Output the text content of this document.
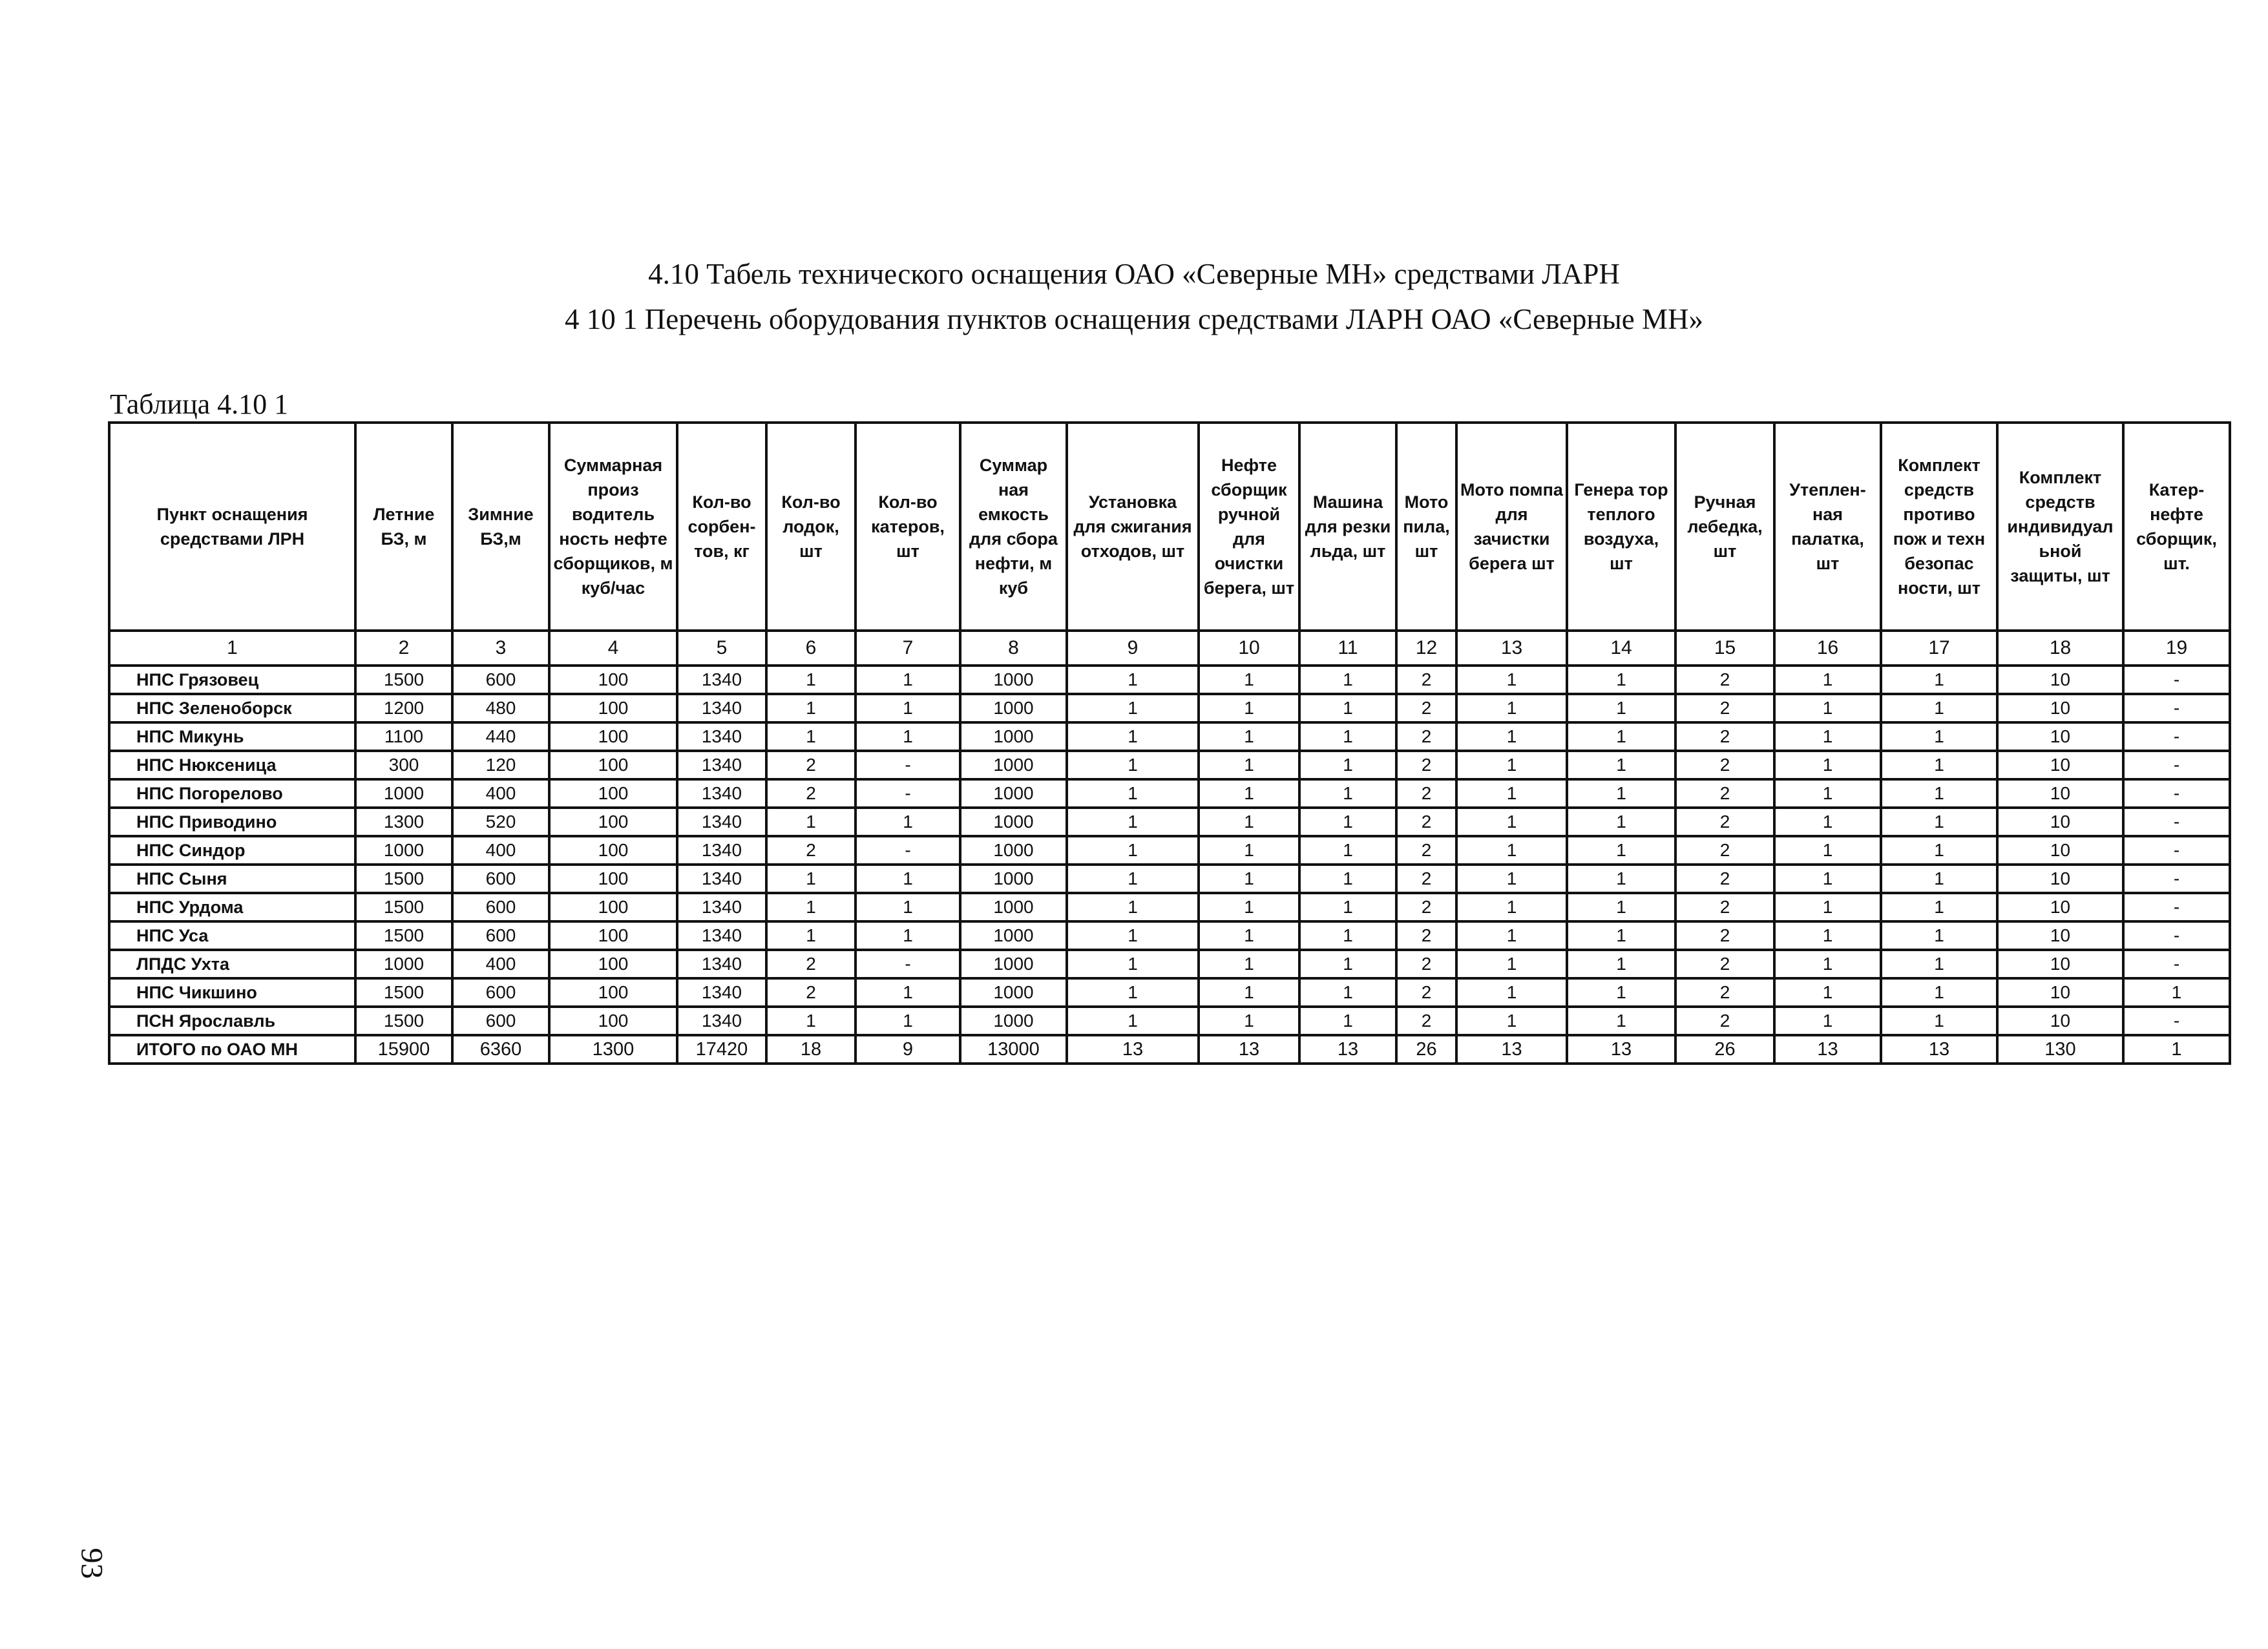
4.10 Табель технического оснащения ОАО «Северные МН» средствами ЛАРН
4 10 1 Перечень оборудования пунктов оснащения средствами ЛАРН ОАО «Северные МН»
Таблица 4.10 1
Пункт оснащения средствами ЛРН	Летние БЗ, м	Зимние БЗ,м	Суммарная произ водитель ность нефте сборщиков, м куб/час	Кол-во сорбен- тов, кг	Кол-во лодок, шт	Кол-во катеров, шт	Суммар ная емкость для сбора нефти, м куб	Установка для сжигания отходов, шт	Нефте сборщик ручной для очистки берега, шт	Машина для резки льда, шт	Мото пила, шт	Мото помпа для зачистки берега шт	Генера тор теплого воздуха, шт	Ручная лебедка, шт	Утеплен- ная палатка, шт	Комплект средств противо пож и техн безопас ности, шт	Комплект средств индивидуал ьной защиты, шт	Катер- нефте сборщик, шт.
1	2	3	4	5	6	7	8	9	10	11	12	13	14	15	16	17	18	19
НПС Грязовец	1500	600	100	1340	1	1	1000	1	1	1	2	1	1	2	1	1	10	-
НПС Зеленоборск	1200	480	100	1340	1	1	1000	1	1	1	2	1	1	2	1	1	10	-
НПС Микунь	1100	440	100	1340	1	1	1000	1	1	1	2	1	1	2	1	1	10	-
НПС Нюксеница	300	120	100	1340	2	-	1000	1	1	1	2	1	1	2	1	1	10	-
НПС Погорелово	1000	400	100	1340	2	-	1000	1	1	1	2	1	1	2	1	1	10	-
НПС Приводино	1300	520	100	1340	1	1	1000	1	1	1	2	1	1	2	1	1	10	-
НПС Синдор	1000	400	100	1340	2	-	1000	1	1	1	2	1	1	2	1	1	10	-
НПС Сыня	1500	600	100	1340	1	1	1000	1	1	1	2	1	1	2	1	1	10	-
НПС Урдома	1500	600	100	1340	1	1	1000	1	1	1	2	1	1	2	1	1	10	-
НПС Уса	1500	600	100	1340	1	1	1000	1	1	1	2	1	1	2	1	1	10	-
ЛПДС Ухта	1000	400	100	1340	2	-	1000	1	1	1	2	1	1	2	1	1	10	-
НПС Чикшино	1500	600	100	1340	2	1	1000	1	1	1	2	1	1	2	1	1	10	1
ПСН Ярославль	1500	600	100	1340	1	1	1000	1	1	1	2	1	1	2	1	1	10	-
ИТОГО по ОАО МН	15900	6360	1300	17420	18	9	13000	13	13	13	26	13	13	26	13	13	130	1
93
